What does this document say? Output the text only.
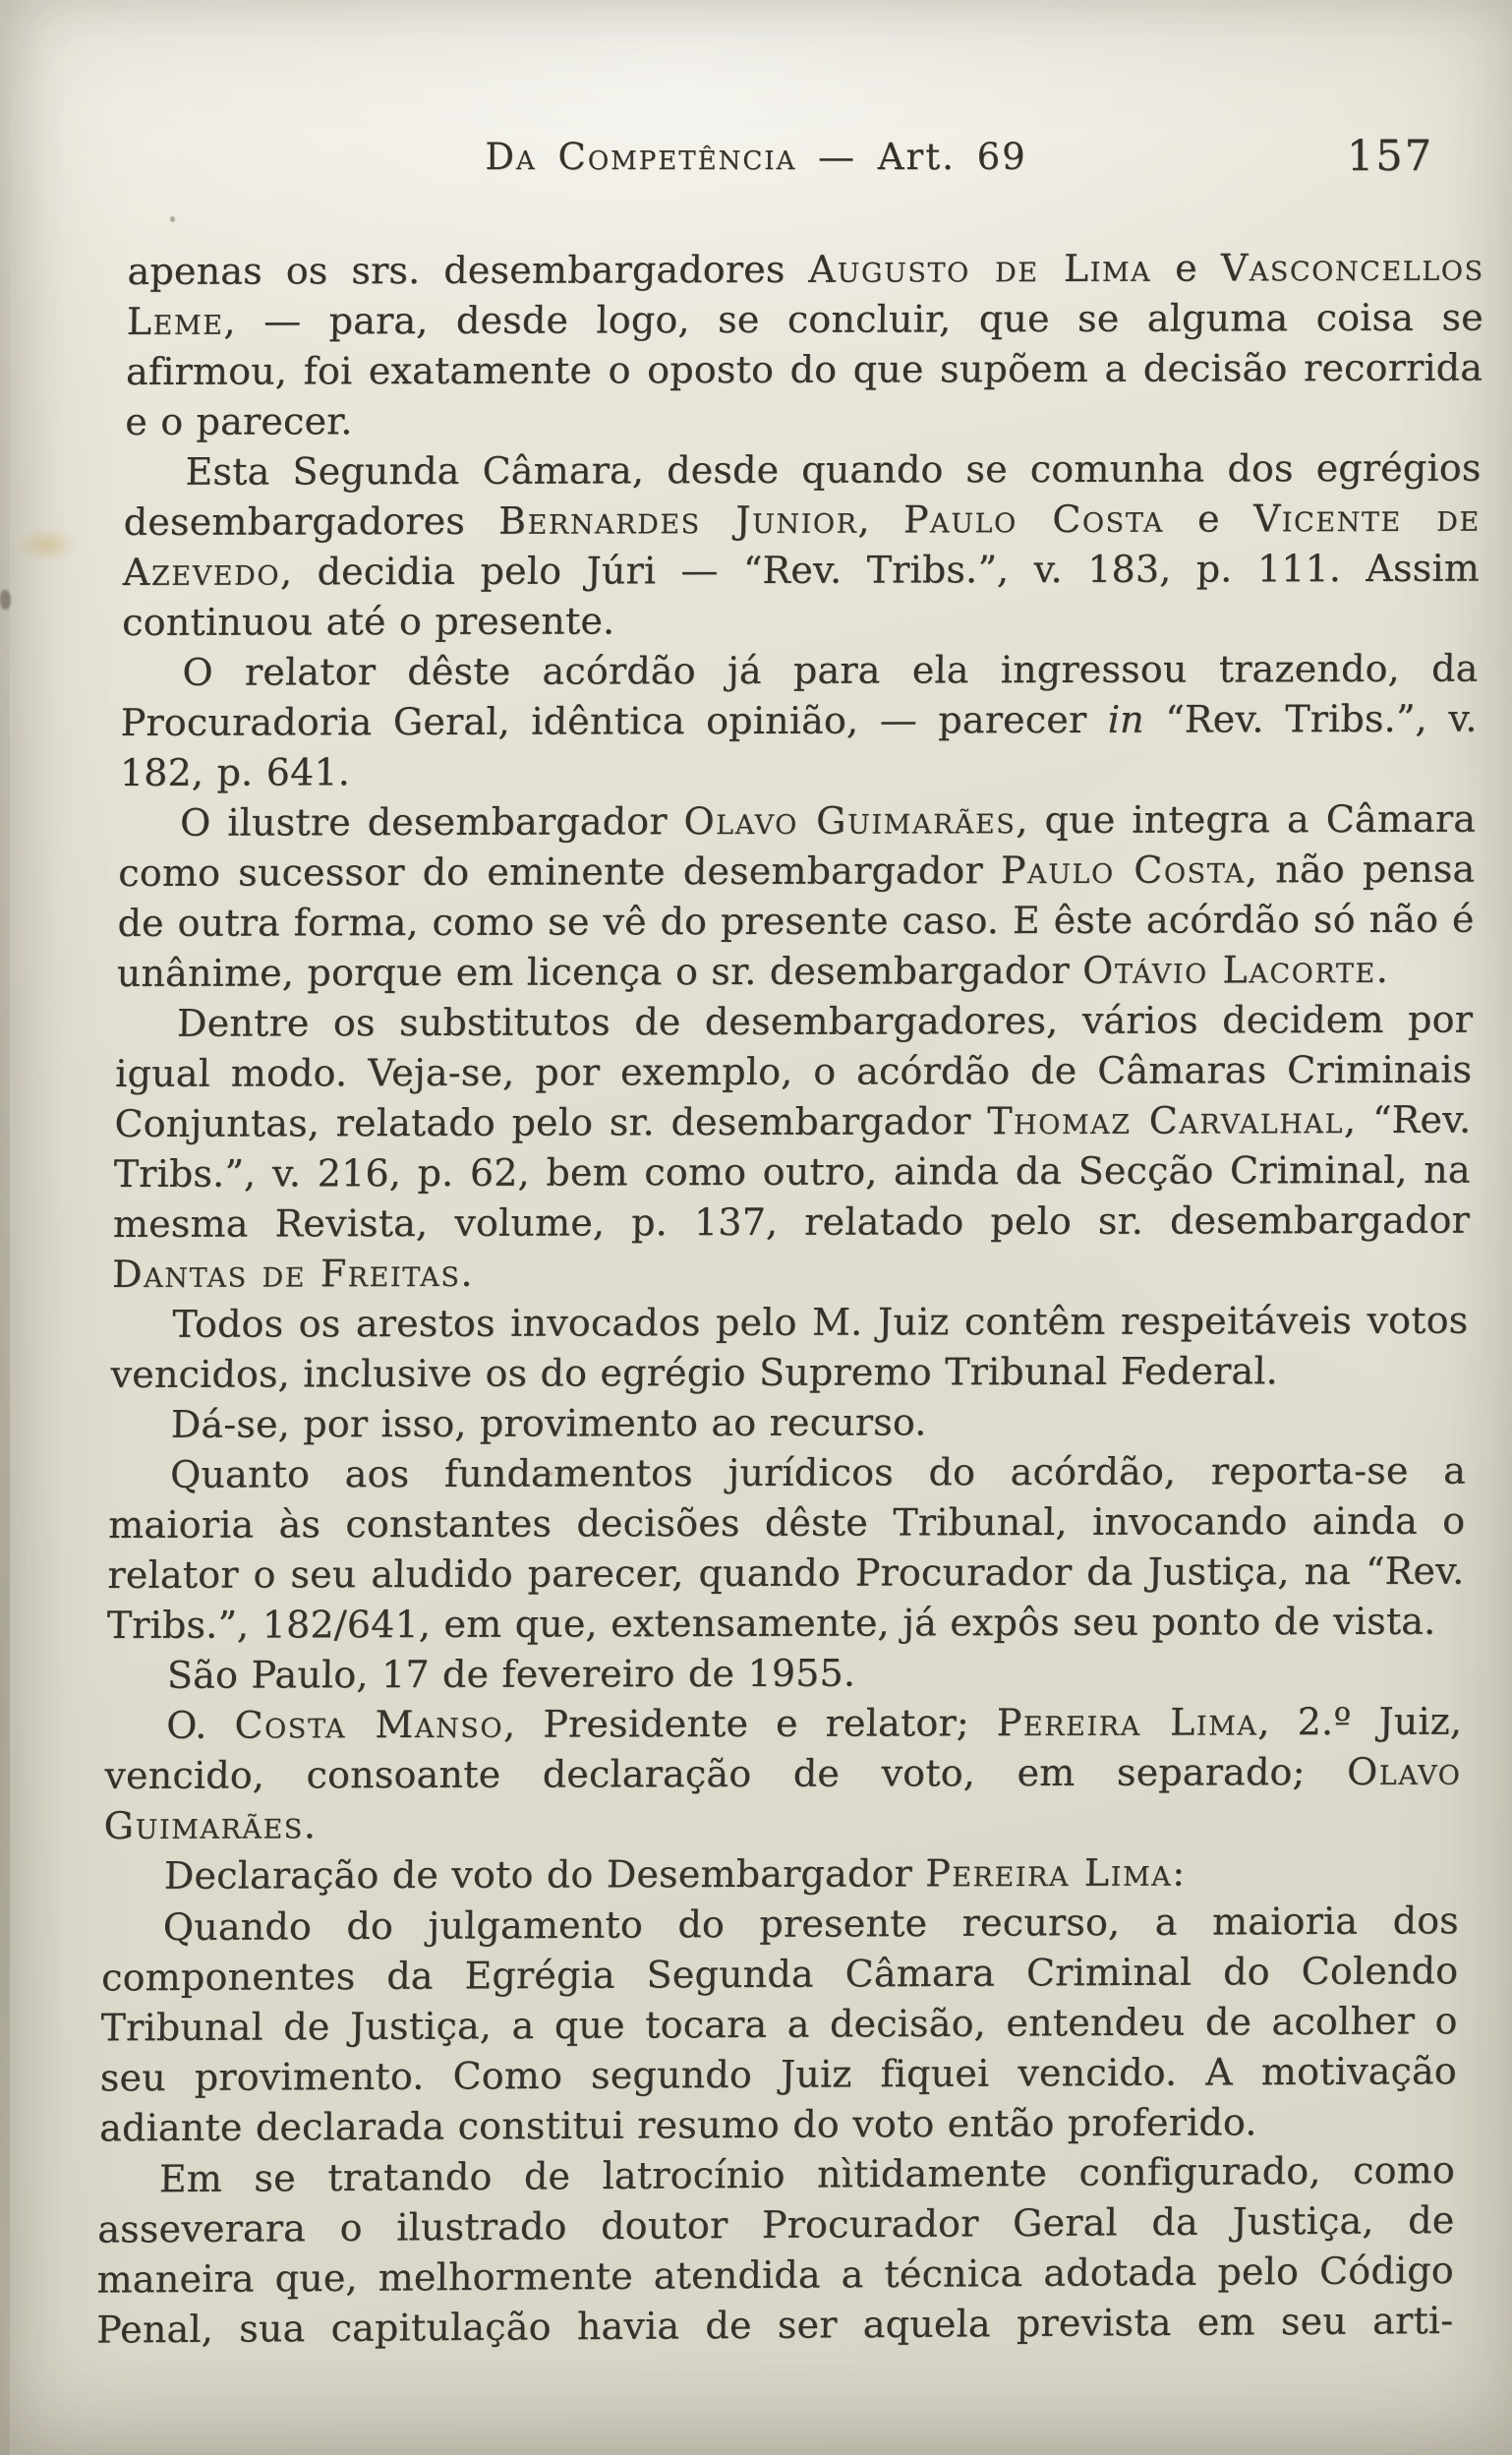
Da Competência — Art. 69	157

apenas os srs. desembargadores Augusto de Lima e Vasconcellos Leme, — para, desde logo, se concluir, que se alguma coisa se afirmou, foi exatamente o oposto do que supõem a decisão recorrida e o parecer.

Esta Segunda Câmara, desde quando se comunha dos egrégios desembargadores Bernardes Junior, Paulo Costa e Vicente de Azevedo, decidia pelo Júri — “Rev. Tribs.”, v. 183, p. 111. Assim continuou até o presente.

O relator dêste acórdão já para ela ingressou trazendo, da Procuradoria Geral, idêntica opinião, — parecer in “Rev. Tribs.”, v. 182, p. 641.

O ilustre desembargador Olavo Guimarães, que integra a Câmara como sucessor do eminente desembargador Paulo Costa, não pensa de outra forma, como se vê do presente caso. E êste acórdão só não é unânime, porque em licença o sr. desembargador Otávio Lacorte.

Dentre os substitutos de desembargadores, vários decidem por igual modo. Veja-se, por exemplo, o acórdão de Câmaras Criminais Conjuntas, relatado pelo sr. desembargador Thomaz Carvalhal, “Rev. Tribs.”, v. 216, p. 62, bem como outro, ainda da Secção Criminal, na mesma Revista, volume, p. 137, relatado pelo sr. desembargador Dantas de Freitas.

Todos os arestos invocados pelo M. Juiz contêm respeitáveis votos vencidos, inclusive os do egrégio Supremo Tribunal Federal.

Dá-se, por isso, provimento ao recurso.

Quanto aos fundamentos jurídicos do acórdão, reporta-se a maioria às constantes decisões dêste Tribunal, invocando ainda o relator o seu aludido parecer, quando Procurador da Justiça, na “Rev. Tribs.”, 182/641, em que, extensamente, já expôs seu ponto de vista.

São Paulo, 17 de fevereiro de 1955.

O. Costa Manso, Presidente e relator; Pereira Lima, 2.º Juiz, vencido, consoante declaração de voto, em separado; Olavo Guimarães.

Declaração de voto do Desembargador Pereira Lima:

Quando do julgamento do presente recurso, a maioria dos componentes da Egrégia Segunda Câmara Criminal do Colendo Tribunal de Justiça, a que tocara a decisão, entendeu de acolher o seu provimento. Como segundo Juiz fiquei vencido. A motivação adiante declarada constitui resumo do voto então proferido.

Em se tratando de latrocínio nìtidamente configurado, como asseverara o ilustrado doutor Procurador Geral da Justiça, de maneira que, melhormente atendida a técnica adotada pelo Código Penal, sua capitulação havia de ser aquela prevista em seu arti-
